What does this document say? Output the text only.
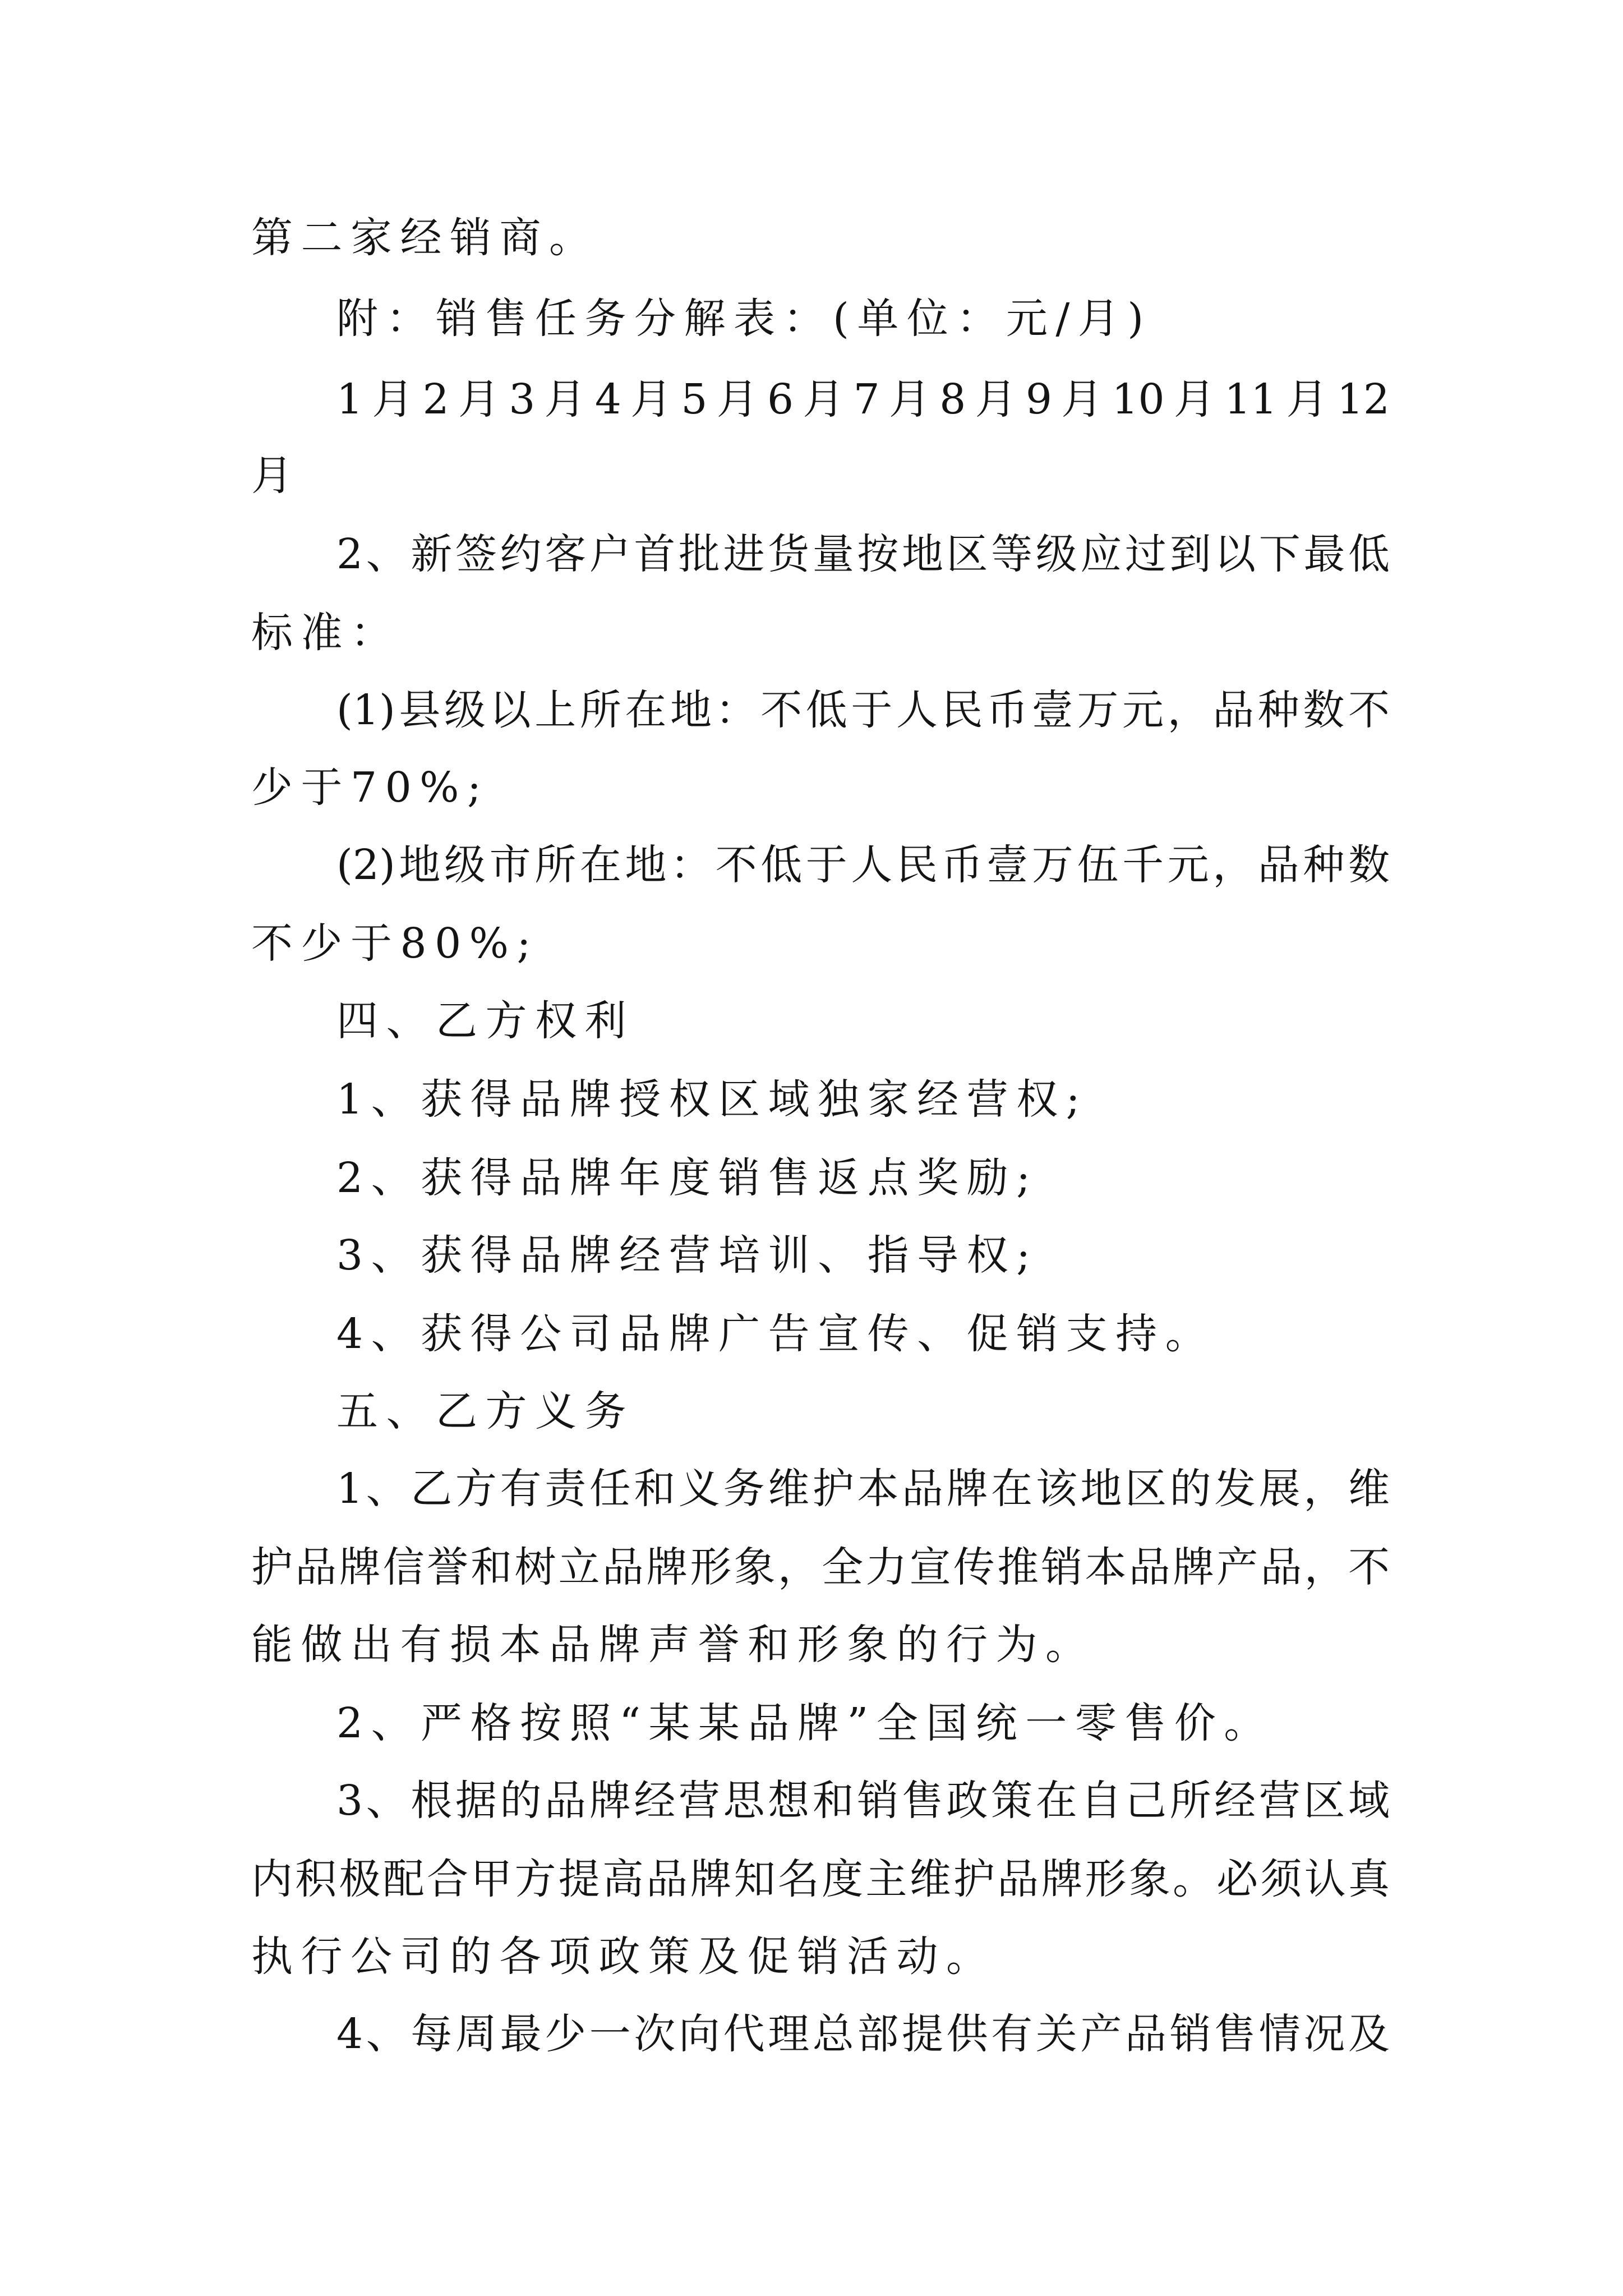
第二家经销商。
附：销售任务分解表：(单位：元/月)
1月2月3月4月5月6月7月8月9月10月11月12
月
2、新签约客户首批进货量按地区等级应过到以下最低
标准：
(1)县级以上所在地：不低于人民币壹万元，品种数不
少于70%;
(2)地级市所在地：不低于人民币壹万伍千元，品种数
不少于80%;
四、乙方权利
1、获得品牌授权区域独家经营权;
2、获得品牌年度销售返点奖励;
3、获得品牌经营培训、指导权;
4、获得公司品牌广告宣传、促销支持。
五、乙方义务
1、乙方有责任和义务维护本品牌在该地区的发展，维
护品牌信誉和树立品牌形象，全力宣传推销本品牌产品，不
能做出有损本品牌声誉和形象的行为。
2、严格按照“某某品牌”全国统一零售价。
3、根据的品牌经营思想和销售政策在自己所经营区域
内积极配合甲方提高品牌知名度主维护品牌形象。必须认真
执行公司的各项政策及促销活动。
4、每周最少一次向代理总部提供有关产品销售情况及
